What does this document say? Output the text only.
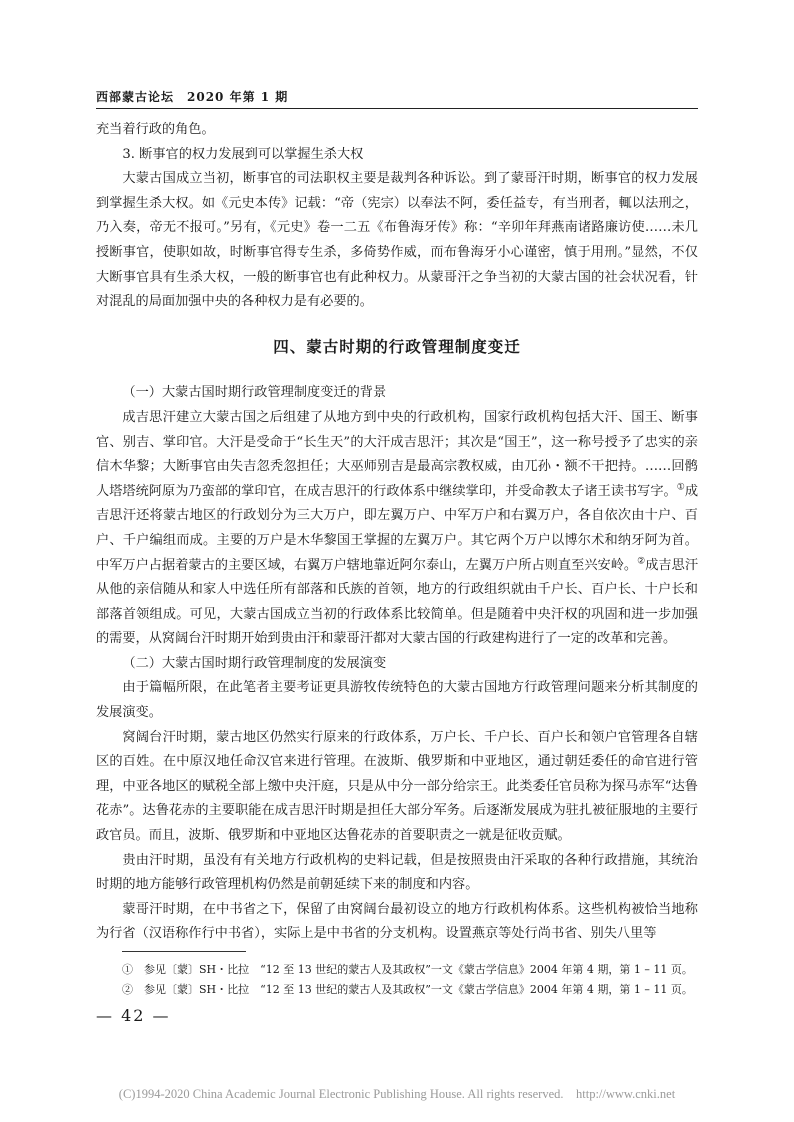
西部蒙古论坛　2020 年第 1 期

充当着行政的角色。

3. 断事官的权力发展到可以掌握生杀大权

大蒙古国成立当初，断事官的司法职权主要是裁判各种诉讼。到了蒙哥汗时期，断事官的权力发展到掌握生杀大权。如《元史本传》记载：“帝（宪宗）以奉法不阿，委任益专，有当刑者，輒以法刑之，乃入奏，帝无不报可。”另有，《元史》卷一二五《布鲁海牙传》称：“辛卯年拜燕南诸路廉访使……未几授断事官，使职如故，时断事官得专生杀，多倚势作威，而布鲁海牙小心谨密，慎于用刑。”显然，不仅大断事官具有生杀大权，一般的断事官也有此种权力。从蒙哥汗之争当初的大蒙古国的社会状况看，针对混乱的局面加强中央的各种权力是有必要的。

四、蒙古时期的行政管理制度变迁

（一）大蒙古国时期行政管理制度变迁的背景

成吉思汗建立大蒙古国之后组建了从地方到中央的行政机构，国家行政机构包括大汗、国王、断事官、别吉、掌印官。大汗是受命于“长生天”的大汗成吉思汗；其次是“国王”，这一称号授予了忠实的亲信木华黎；大断事官由失吉忽秃忽担任；大巫师别吉是最高宗教权威，由兀孙・额不干把持。……回鹘人塔塔统阿原为乃蛮部的掌印官，在成吉思汗的行政体系中继续掌印，并受命教太子诸王读书写字。①成吉思汗还将蒙古地区的行政划分为三大万户，即左翼万户、中军万户和右翼万户，各自依次由十户、百户、千户编组而成。主要的万户是木华黎国王掌握的左翼万户。其它两个万户以博尔术和纳牙阿为首。中军万户占据着蒙古的主要区域，右翼万户辖地靠近阿尔泰山，左翼万户所占则直至兴安岭。②成吉思汗从他的亲信随从和家人中选任所有部落和氏族的首领，地方的行政组织就由千户长、百户长、十户长和部落首领组成。可见，大蒙古国成立当初的行政体系比较简单。但是随着中央汗权的巩固和进一步加强的需要，从窝阔台汗时期开始到贵由汗和蒙哥汗都对大蒙古国的行政建构进行了一定的改革和完善。

（二）大蒙古国时期行政管理制度的发展演变

由于篇幅所限，在此笔者主要考证更具游牧传统特色的大蒙古国地方行政管理问题来分析其制度的发展演变。

窝阔台汗时期，蒙古地区仍然实行原来的行政体系，万户长、千户长、百户长和领户官管理各自辖区的百姓。在中原汉地任命汉官来进行管理。在波斯、俄罗斯和中亚地区，通过朝廷委任的命官进行管理，中亚各地区的赋税全部上缴中央汗庭，只是从中分一部分给宗王。此类委任官员称为探马赤军“达鲁花赤”。达鲁花赤的主要职能在成吉思汗时期是担任大部分军务。后逐渐发展成为驻扎被征服地的主要行政官员。而且，波斯、俄罗斯和中亚地区达鲁花赤的首要职责之一就是征收贡赋。

贵由汗时期，虽没有有关地方行政机构的史料记载，但是按照贵由汗采取的各种行政措施，其统治时期的地方能够行政管理机构仍然是前朝延续下来的制度和内容。

蒙哥汗时期，在中书省之下，保留了由窝阔台最初设立的地方行政机构体系。这些机构被恰当地称为行省（汉语称作行中书省），实际上是中书省的分支机构。设置燕京等处行尚书省、别失八里等

①　参见〔蒙〕SH・比拉　“12 至 13 世纪的蒙古人及其政权”一文《蒙古学信息》2004 年第 4 期，第 1 – 11 页。
②　参见〔蒙〕SH・比拉　“12 至 13 世纪的蒙古人及其政权”一文《蒙古学信息》2004 年第 4 期，第 1 – 11 页。
— 42 —
(C)1994-2020 China Academic Journal Electronic Publishing House. All rights reserved.　http://www.cnki.net
